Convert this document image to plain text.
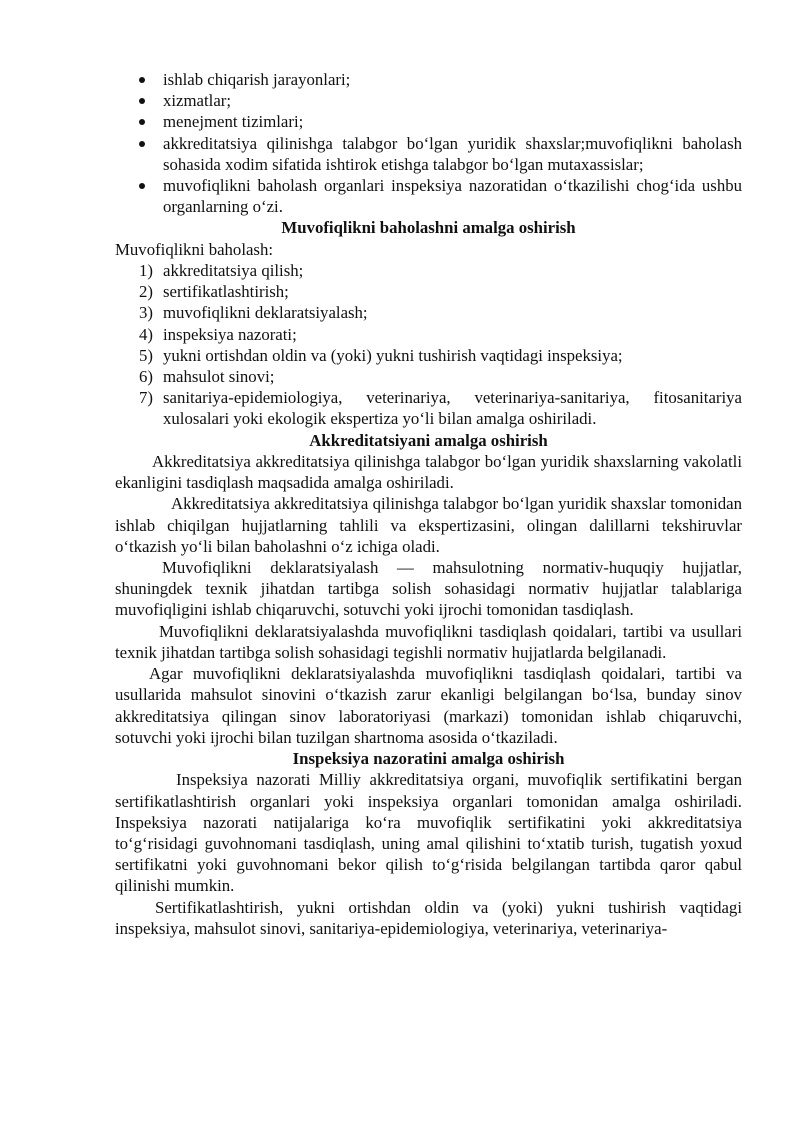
ishlab chiqarish jarayonlari;
xizmatlar;
menejment tizimlari;
akkreditatsiya qilinishga talabgor bo‘lgan yuridik shaxslar;muvofiqlikni baholash sohasida xodim sifatida ishtirok etishga talabgor bo‘lgan mutaxassislar;
muvofiqlikni baholash organlari inspeksiya nazoratidan o‘tkazilishi chog‘ida ushbu organlarning o‘zi.
Muvofiqlikni baholashni amalga oshirish

Muvofiqlikni baholash:

1) akkreditatsiya qilish;
2) sertifikatlashtirish;
3) muvofiqlikni deklaratsiyalash;
4) inspeksiya nazorati;
5) yukni ortishdan oldin va (yoki) yukni tushirish vaqtidagi inspeksiya;
6) mahsulot sinovi;
7) sanitariya-epidemiologiya, veterinariya, veterinariya-sanitariya, fitosanitariya xulosalari yoki ekologik ekspertiza yo‘li bilan amalga oshiriladi.
Akkreditatsiyani amalga oshirish

Akkreditatsiya akkreditatsiya qilinishga talabgor bo‘lgan yuridik shaxslarning vakolatli ekanligini tasdiqlash maqsadida amalga oshiriladi.

Akkreditatsiya akkreditatsiya qilinishga talabgor bo‘lgan yuridik shaxslar tomonidan ishlab chiqilgan hujjatlarning tahlili va ekspertizasini, olingan dalillarni tekshiruvlar o‘tkazish yo‘li bilan baholashni o‘z ichiga oladi.

Muvofiqlikni deklaratsiyalash — mahsulotning normativ-huquqiy hujjatlar, shuningdek texnik jihatdan tartibga solish sohasidagi normativ hujjatlar talablariga muvofiqligini ishlab chiqaruvchi, sotuvchi yoki ijrochi tomonidan tasdiqlash.

Muvofiqlikni deklaratsiyalashda muvofiqlikni tasdiqlash qoidalari, tartibi va usullari texnik jihatdan tartibga solish sohasidagi tegishli normativ hujjatlarda belgilanadi.

Agar muvofiqlikni deklaratsiyalashda muvofiqlikni tasdiqlash qoidalari, tartibi va usullarida mahsulot sinovini o‘tkazish zarur ekanligi belgilangan bo‘lsa, bunday sinov akkreditatsiya qilingan sinov laboratoriyasi (markazi) tomonidan ishlab chiqaruvchi, sotuvchi yoki ijrochi bilan tuzilgan shartnoma asosida o‘tkaziladi.

Inspeksiya nazoratini amalga oshirish

Inspeksiya nazorati Milliy akkreditatsiya organi, muvofiqlik sertifikatini bergan sertifikatlashtirish organlari yoki inspeksiya organlari tomonidan amalga oshiriladi. Inspeksiya nazorati natijalariga ko‘ra muvofiqlik sertifikatini yoki akkreditatsiya to‘g‘risidagi guvohnomani tasdiqlash, uning amal qilishini to‘xtatib turish, tugatish yoxud sertifikatni yoki guvohnomani bekor qilish to‘g‘risida belgilangan tartibda qaror qabul qilinishi mumkin.

Sertifikatlashtirish, yukni ortishdan oldin va (yoki) yukni tushirish vaqtidagi inspeksiya, mahsulot sinovi, sanitariya-epidemiologiya, veterinariya, veterinariya-
